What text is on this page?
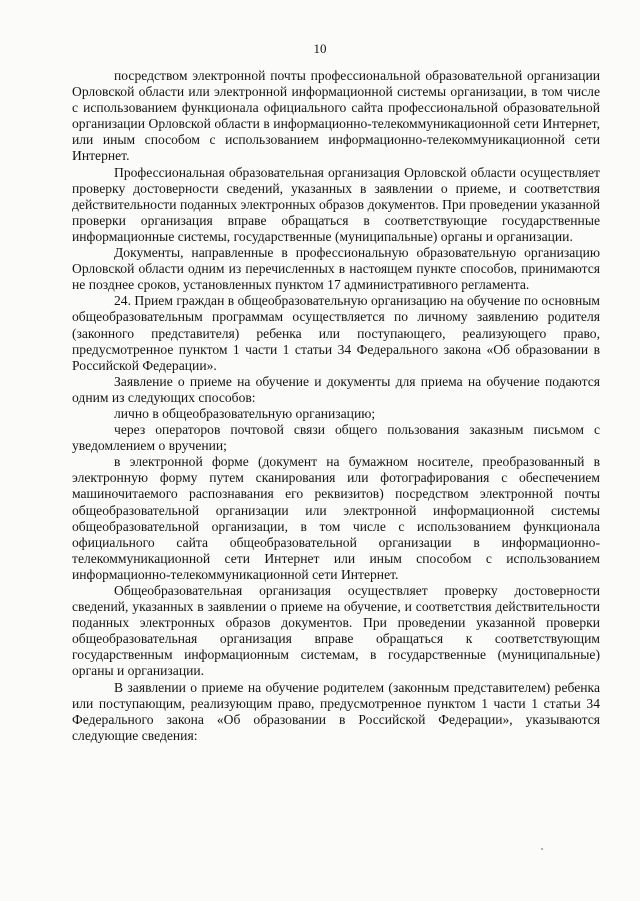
10

посредством электронной почты профессиональной образовательной организации Орловской области или электронной информационной системы организации, в том числе с использованием функционала официального сайта профессиональной образовательной организации Орловской области в информационно-телекоммуникационной сети Интернет, или иным способом с использованием информационно-телекоммуникационной сети Интернет.

Профессиональная образовательная организация Орловской области осуществляет проверку достоверности сведений, указанных в заявлении о приеме, и соответствия действительности поданных электронных образов документов. При проведении указанной проверки организация вправе обращаться в соответствующие государственные информационные системы, государственные (муниципальные) органы и организации.

Документы, направленные в профессиональную образовательную организацию Орловской области одним из перечисленных в настоящем пункте способов, принимаются не позднее сроков, установленных пунктом 17 административного регламента.

24. Прием граждан в общеобразовательную организацию на обучение по основным общеобразовательным программам осуществляется по личному заявлению родителя (законного представителя) ребенка или поступающего, реализующего право, предусмотренное пунктом 1 части 1 статьи 34 Федерального закона «Об образовании в Российской Федерации».

Заявление о приеме на обучение и документы для приема на обучение подаются одним из следующих способов:

лично в общеобразовательную организацию;

через операторов почтовой связи общего пользования заказным письмом с уведомлением о вручении;

в электронной форме (документ на бумажном носителе, преобразованный в электронную форму путем сканирования или фотографирования с обеспечением машиночитаемого распознавания его реквизитов) посредством электронной почты общеобразовательной организации или электронной информационной системы общеобразовательной организации, в том числе с использованием функционала официального сайта общеобразовательной организации в информационно-телекоммуникационной сети Интернет или иным способом с использованием информационно-телекоммуникационной сети Интернет.

Общеобразовательная организация осуществляет проверку достоверности сведений, указанных в заявлении о приеме на обучение, и соответствия действительности поданных электронных образов документов. При проведении указанной проверки общеобразовательная организация вправе обращаться к соответствующим государственным информационным системам, в государственные (муниципальные) органы и организации.

В заявлении о приеме на обучение родителем (законным представителем) ребенка или поступающим, реализующим право, предусмотренное пунктом 1 части 1 статьи 34 Федерального закона «Об образовании в Российской Федерации», указываются следующие сведения:
